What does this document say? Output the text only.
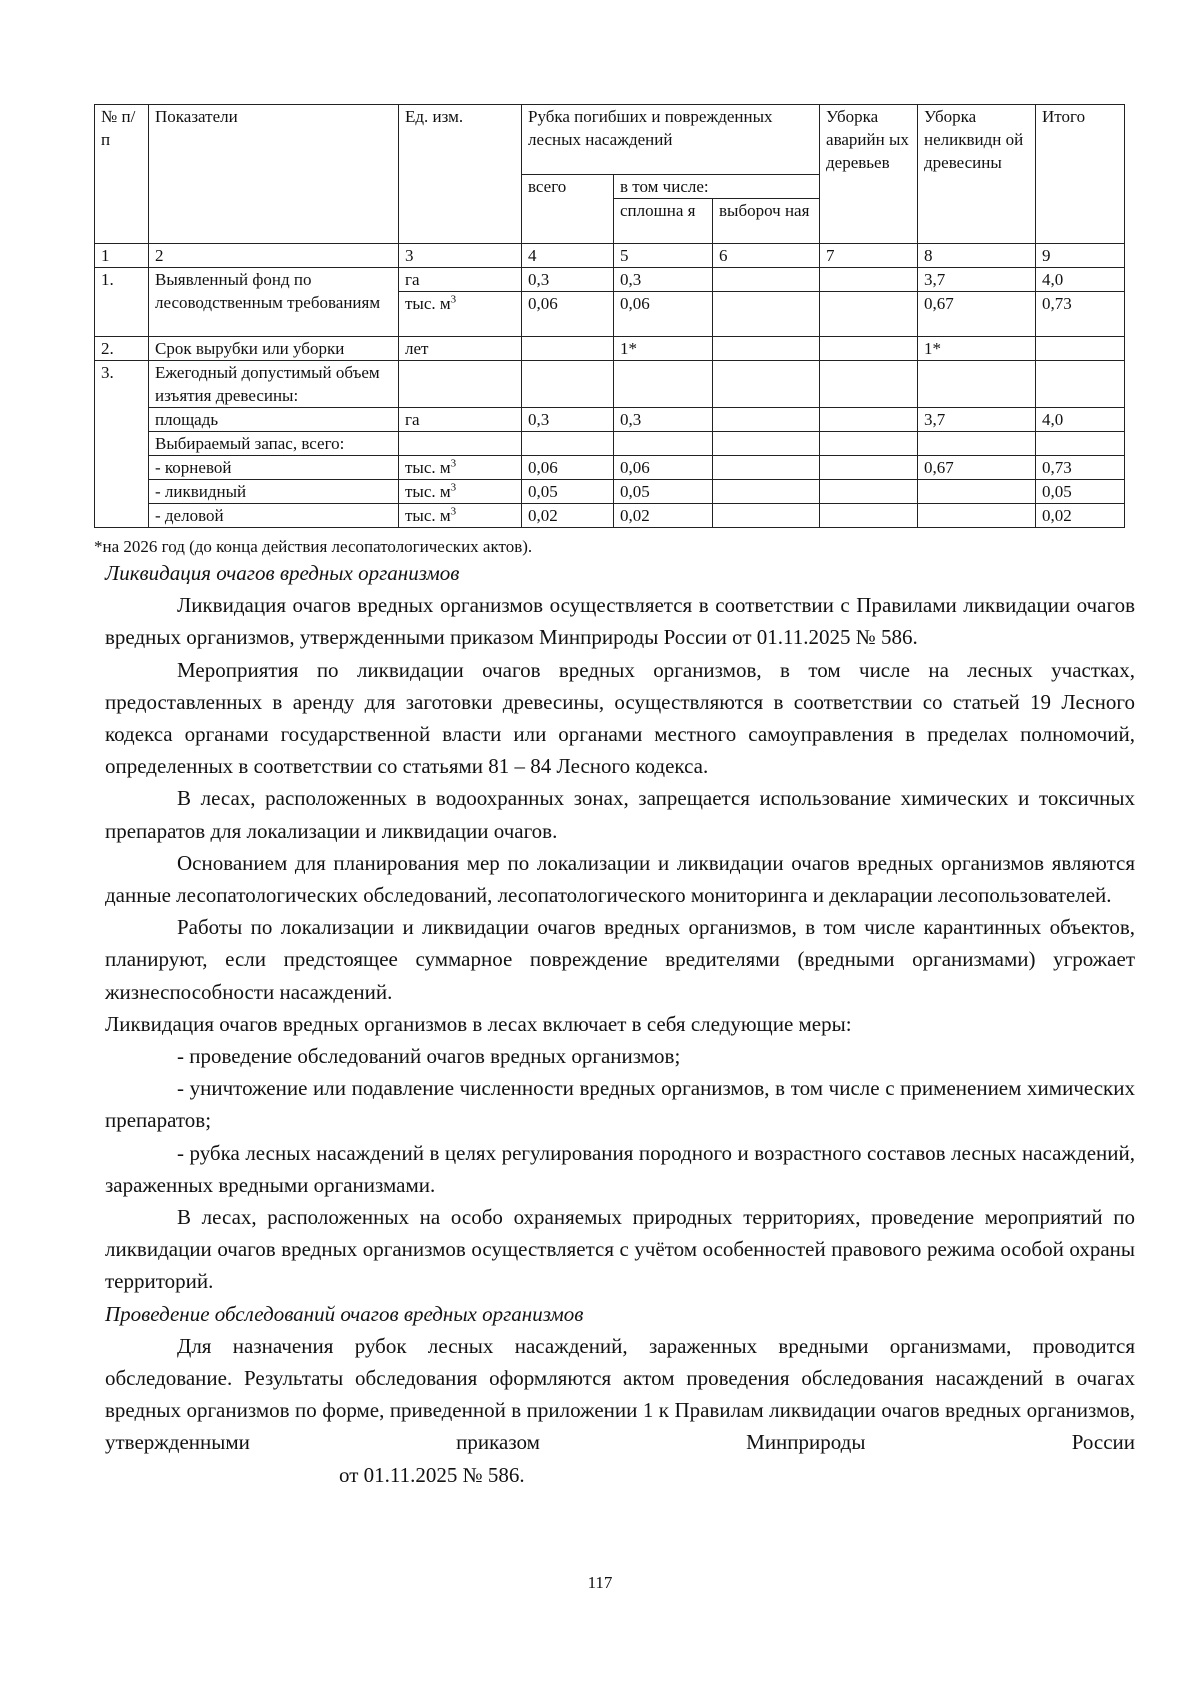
№ п/п	Показатели	Ед. изм.	Рубка погибших и поврежденных лесных насаждений			Уборка аварийн ых деревьев	Уборка неликвидн ой древесины	Итого
			всего	в том числе:				
				сплошна я	выбороч ная			
1	2	3	4	5	6	7	8	9
1.	Выявленный фонд по лесоводственным требованиям	га	0,3	0,3			3,7	4,0
		тыс. $м^3$	0,06	0,06			0,67	0,73
2.	Срок вырубки или уборки	лет		1*			1*	
3.	Ежегодный допустимый объем изъятия древесины:							
	площадь	га	0,3	0,3			3,7	4,0
	Выбираемый запас, всего:							
	- корневой	тыс. $м^3$	0,06	0,06			0,67	0,73
	- ликвидный	тыс. $м^3$	0,05	0,05				0,05
	- деловой	тыс. $м^3$	0,02	0,02				0,02
*на 2026 год (до конца действия лесопатологических актов).

Ликвидация очагов вредных организмов

Ликвидация очагов вредных организмов осуществляется в соответствии с Правилами ликвидации очагов вредных организмов, утвержденными приказом Минприроды России от 01.11.2025 № 586.

Мероприятия по ликвидации очагов вредных организмов, в том числе на лесных участках, предоставленных в аренду для заготовки древесины, осуществляются в соответствии со статьей 19 Лесного кодекса органами государственной власти или органами местного самоуправления в пределах полномочий, определенных в соответствии со статьями 81 – 84 Лесного кодекса.

В лесах, расположенных в водоохранных зонах, запрещается использование химических и токсичных препаратов для локализации и ликвидации очагов.

Основанием для планирования мер по локализации и ликвидации очагов вредных организмов являются данные лесопатологических обследований, лесопатологического мониторинга и декларации лесопользователей.

Работы по локализации и ликвидации очагов вредных организмов, в том числе карантинных объектов, планируют, если предстоящее суммарное повреждение вредителями (вредными организмами) угрожает жизнеспособности насаждений.

Ликвидация очагов вредных организмов в лесах включает в себя следующие меры:

- проведение обследований очагов вредных организмов;

- уничтожение или подавление численности вредных организмов, в том числе с применением химических препаратов;

- рубка лесных насаждений в целях регулирования породного и возрастного составов лесных насаждений, зараженных вредными организмами.

В лесах, расположенных на особо охраняемых природных территориях, проведение мероприятий по ликвидации очагов вредных организмов осуществляется с учётом особенностей правового режима особой охраны территорий.

Проведение обследований очагов вредных организмов

Для назначения рубок лесных насаждений, зараженных вредными организмами, проводится обследование. Результаты обследования оформляются актом проведения обследования насаждений в очагах вредных организмов по форме, приведенной в приложении 1 к Правилам ликвидации очагов вредных организмов, утвержденными приказом Минприроды России

от 01.11.2025 № 586.

117
